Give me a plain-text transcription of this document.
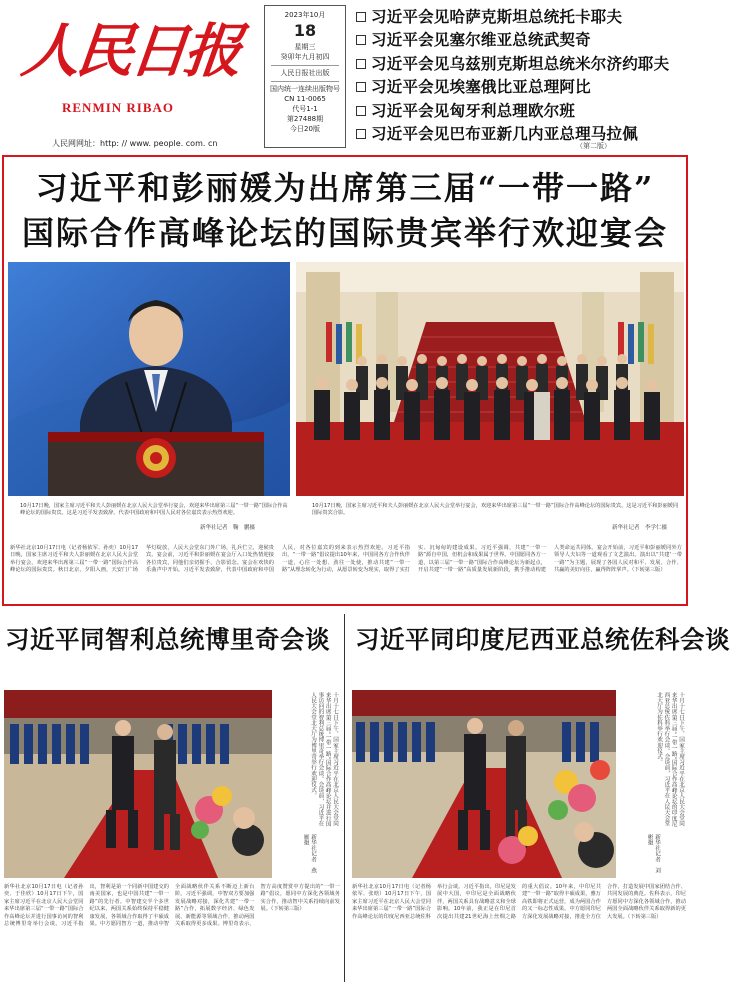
人民日报
RENMIN RIBAO
人民网网址：http: // www. people. com. cn
2023年10月
18
星期三
癸卯年九月初四
人民日报社出版
国内统一连续出版物号
CN 11-0065
代号1-1
第27488期
今日20版
习近平会见哈萨克斯坦总统托卡耶夫
习近平会见塞尔维亚总统武契奇
习近平会见乌兹别克斯坦总统米尔济约耶夫
习近平会见埃塞俄比亚总理阿比
习近平会见匈牙利总理欧尔班
习近平会见巴布亚新几内亚总理马拉佩
（第二版）
习近平和彭丽媛为出席第三届“一带一路”
国际合作高峰论坛的国际贵宾举行欢迎宴会
10月17日晚，国家主席习近平和夫人彭丽媛在北京人民大会堂举行宴会，欢迎来华出席第三届“一带一路”国际合作高峰论坛的国际贵宾。这是习近平发表致辞。代表中国政府和中国人民对各位嘉宾表示热烈欢迎。
新华社记者　鞠　鹏摄
10月17日晚，国家主席习近平和夫人彭丽媛在北京人民大会堂举行宴会，欢迎来华出席第三届“一带一路”国际合作高峰论坛的国际贵宾。这是习近平和彭丽媛同国际贵宾合影。
新华社记者　李学仁摄
新华社北京10月17日电（记者杨依军、孙奕）10月17日晚，国家主席习近平和夫人彭丽媛在北京人民大会堂举行宴会，欢迎来华出席第三届“一带一路”国际合作高峰论坛的国际贵宾。秋日北京，夕阳入画，天安门广场华灯绽放，人民大会堂东门外广场，礼兵伫立，迎候贵宾。宴会前，习近平和彭丽媛在宴会厅入口处热情迎接各位贵宾，同他们亲切握手、合影留念。宴会在欢快的乐曲声中开始。习近平发表致辞，代表中国政府和中国人民，对各位嘉宾的到来表示热烈欢迎。习近平指出，“一带一路”倡议提出10年来，中国同各方合作伙伴一道，心往一处想、劲往一处使，推动共建“一带一路”从理念转化为行动，从愿景转变为现实，取得了实打实、沉甸甸的建设成果。习近平强调，共建“一带一路”源自中国，但机会和成果属于世界。中国愿同各方一道，以第三届“一带一路”国际合作高峰论坛为新起点，开启共建“一带一路”高质量发展新阶段，携手推动构建人类命运共同体。宴会开始前，习近平和彭丽媛同外方领导人夫妇等一道观看了文艺演出。演出以“共建‘一带一路’”为主题，展现了各国人民对和平、发展、合作、共赢的美好向往，赢得阵阵掌声。（下转第三版）
习近平同智利总统博里奇会谈
十月十七日下午，国家主席习近平在北京人民大会堂同来华出席第三届“一带一路”国际合作高峰论坛并进行国事访问的智利总统博里奇举行会谈。会谈前，习近平在人民大会堂北大厅为博里奇举行欢迎仪式。
新华社记者　燕　雁摄
新华社北京10月17日电（记者孙奕、于佳欣）10月17日下午，国家主席习近平在北京人民大会堂同来华出席第三届“一带一路”国际合作高峰论坛并进行国事访问的智利总统博里奇举行会谈。习近平指出，智利是第一个同新中国建交的南美国家，也是中国共建“一带一路”的先行者。中智建交半个多世纪以来，两国关系始终保持平稳健康发展，各领域合作取得了丰硕成果。中方愿同智方一道，推动中智全面战略伙伴关系不断迈上新台阶。习近平强调，中智双方要加强发展战略对接，深化共建“一带一路”合作，拓展数字经济、绿色发展、新能源等领域合作，推动两国关系取得更多成果。博里奇表示，智方高度赞赏中方提出的“一带一路”倡议，愿同中方深化各领域务实合作，推动智中关系持续向前发展。（下转第三版）
习近平同印度尼西亚总统佐科会谈
十月十七日下午，国家主席习近平在北京人民大会堂同来华出席第三届“一带一路”国际合作高峰论坛的印度尼西亚总统佐科举行会谈。会谈前，习近平在人民大会堂北大厅为佐科举行欢迎仪式。
新华社记者　刘　彬摄
新华社北京10月17日电（记者杨依军、张晗）10月17日下午，国家主席习近平在北京人民大会堂同来华出席第三届“一带一路”国际合作高峰论坛的印度尼西亚总统佐科举行会谈。习近平指出，印尼是发展中大国，中印尼是全面战略伙伴，两国关系具有战略意义和全球影响。10年前，我正是在印尼首次提出共建21世纪海上丝绸之路的重大倡议。10年来，中印尼共建“一带一路”取得丰硕成果，雅万高铁即将正式运营，成为两国合作的又一标志性成果。中方愿同印尼方深化发展战略对接，推进全方位合作，打造发展中国家团结合作、共同发展的典范。佐科表示，印尼方愿同中方深化各领域合作，推动两国全面战略伙伴关系取得新的更大发展。（下转第三版）
